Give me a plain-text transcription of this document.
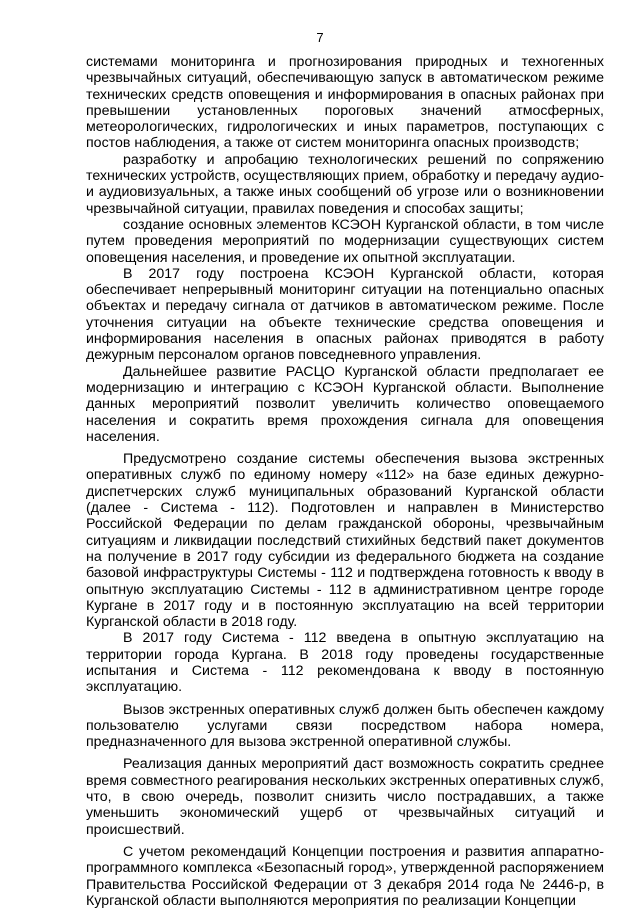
7

системами мониторинга и прогнозирования природных и техногенных чрезвычайных ситуаций, обеспечивающую запуск в автоматическом режиме технических средств оповещения и информирования в опасных районах при превышении установленных пороговых значений атмосферных, метеорологических, гидрологических и иных параметров, поступающих с постов наблюдения, а также от систем мониторинга опасных производств;

разработку и апробацию технологических решений по сопряжению технических устройств, осуществляющих прием, обработку и передачу аудио- и аудиовизуальных, а также иных сообщений об угрозе или о возникновении чрезвычайной ситуации, правилах поведения и способах защиты;

создание основных элементов КСЭОН Курганской области, в том числе путем проведения мероприятий по модернизации существующих систем оповещения населения, и проведение их опытной эксплуатации.

В 2017 году построена КСЭОН Курганской области, которая обеспечивает непрерывный мониторинг ситуации на потенциально опасных объектах и передачу сигнала от датчиков в автоматическом режиме. После уточнения ситуации на объекте технические средства оповещения и информирования населения в опасных районах приводятся в работу дежурным персоналом органов повседневного управления.

Дальнейшее развитие РАСЦО Курганской области предполагает ее модернизацию и интеграцию с КСЭОН Курганской области. Выполнение данных мероприятий позволит увеличить количество оповещаемого населения и сократить время прохождения сигнала для оповещения населения.

Предусмотрено создание системы обеспечения вызова экстренных оперативных служб по единому номеру «112» на базе единых дежурно-диспетчерских служб муниципальных образований Курганской области (далее - Система - 112). Подготовлен и направлен в Министерство Российской Федерации по делам гражданской обороны, чрезвычайным ситуациям и ликвидации последствий стихийных бедствий пакет документов на получение в 2017 году субсидии из федерального бюджета на создание базовой инфраструктуры Системы - 112 и подтверждена готовность к вводу в опытную эксплуатацию Системы - 112 в административном центре городе Кургане в 2017 году и в постоянную эксплуатацию на всей территории Курганской области в 2018 году.

В 2017 году Система - 112 введена в опытную эксплуатацию на территории города Кургана. В 2018 году проведены государственные испытания и Система - 112 рекомендована к вводу в постоянную эксплуатацию.

Вызов экстренных оперативных служб должен быть обеспечен каждому пользователю услугами связи посредством набора номера, предназначенного для вызова экстренной оперативной службы.

Реализация данных мероприятий даст возможность сократить среднее время совместного реагирования нескольких экстренных оперативных служб, что, в свою очередь, позволит снизить число пострадавших, а также уменьшить экономический ущерб от чрезвычайных ситуаций и происшествий.

С учетом рекомендаций Концепции построения и развития аппаратно-программного комплекса «Безопасный город», утвержденной распоряжением Правительства Российской Федерации от 3 декабря 2014 года № 2446-р, в Курганской области выполняются мероприятия по реализации Концепции
